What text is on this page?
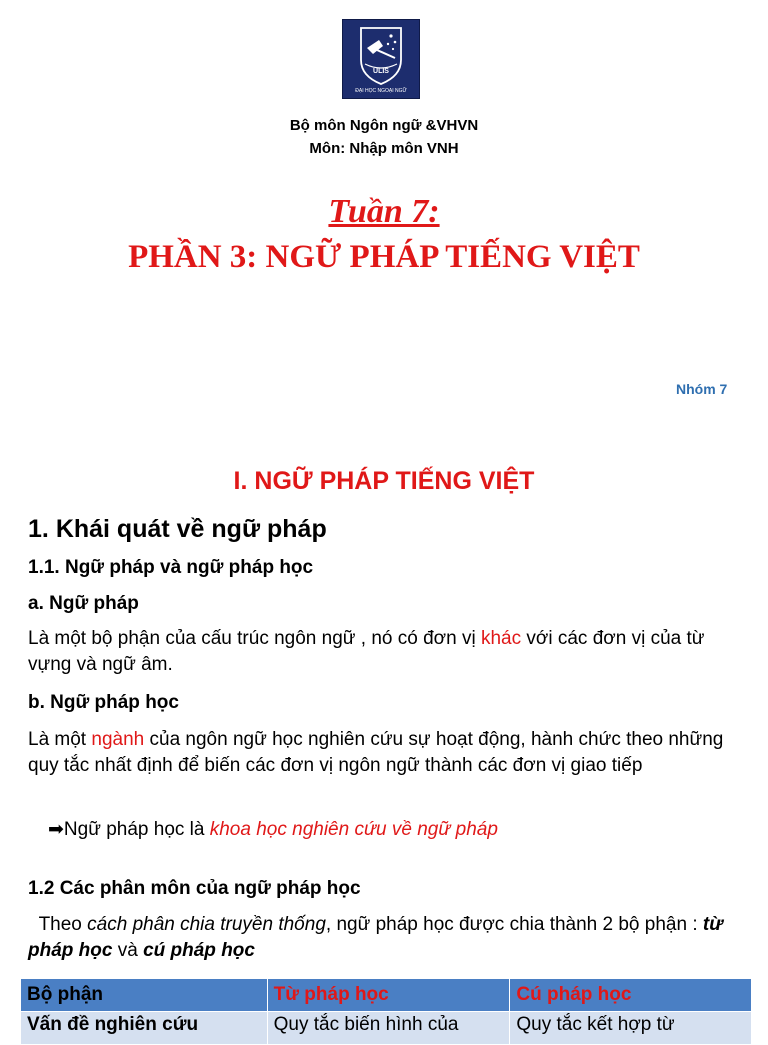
ULIS
ĐẠI HỌC NGOẠI NGỮ
Bộ môn Ngôn ngữ &VHVN
Môn: Nhập môn VNH
Tuần 7:
PHẦN 3: NGỮ PHÁP TIẾNG VIỆT
Nhóm 7
I. NGỮ PHÁP TIẾNG VIỆT
1. Khái quát về ngữ pháp
1.1. Ngữ pháp và ngữ pháp học
a. Ngữ pháp
Là một bộ phận của cấu trúc ngôn ngữ , nó có đơn vị khác với các đơn vị của từ vựng và ngữ âm.
b. Ngữ pháp học
Là một ngành của ngôn ngữ học nghiên cứu sự hoạt động, hành chức theo những quy tắc nhất định để biến các đơn vị ngôn ngữ thành các đơn vị giao tiếp
➡Ngữ pháp học là khoa học nghiên cứu về ngữ pháp
1.2 Các phân môn của ngữ pháp học
Theo cách phân chia truyền thống, ngữ pháp học được chia thành 2 bộ phận : từ pháp học và cú pháp học
Bộ phận	Từ pháp học	Cú pháp học
Vấn đề nghiên cứu	Quy tắc biến hình của	Quy tắc kết hợp từ
